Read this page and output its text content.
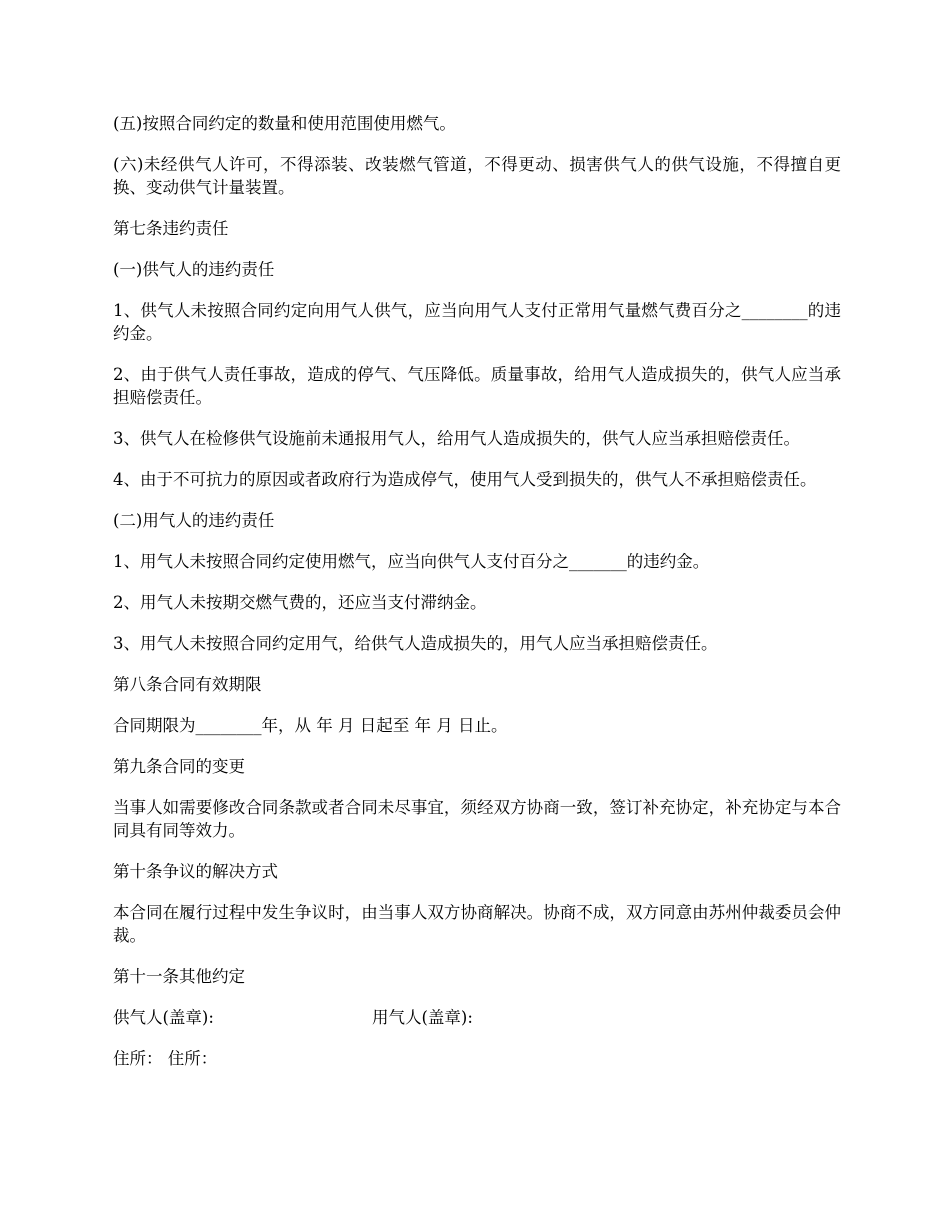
(五)按照合同约定的数量和使用范围使用燃气。

(六)未经供气人许可，不得添装、改装燃气管道，不得更动、损害供气人的供气设施，不得擅自更换、变动供气计量装置。

第七条违约责任

(一)供气人的违约责任

1、供气人未按照合同约定向用气人供气，应当向用气人支付正常用气量燃气费百分之________的违约金。

2、由于供气人责任事故，造成的停气、气压降低。质量事故，给用气人造成损失的，供气人应当承担赔偿责任。

3、供气人在检修供气设施前未通报用气人，给用气人造成损失的，供气人应当承担赔偿责任。

4、由于不可抗力的原因或者政府行为造成停气，使用气人受到损失的，供气人不承担赔偿责任。

(二)用气人的违约责任

1、用气人未按照合同约定使用燃气，应当向供气人支付百分之_______的违约金。

2、用气人未按期交燃气费的，还应当支付滞纳金。

3、用气人未按照合同约定用气，给供气人造成损失的，用气人应当承担赔偿责任。

第八条合同有效期限

合同期限为________年，从 年 月 日起至 年 月 日止。

第九条合同的变更

当事人如需要修改合同条款或者合同未尽事宜，须经双方协商一致，签订补充协定，补充协定与本合同具有同等效力。

第十条争议的解决方式

本合同在履行过程中发生争议时，由当事人双方协商解决。协商不成，双方同意由苏州仲裁委员会仲裁。

第十一条其他约定

供气人(盖章):	用气人(盖章):

住所： 住所：
